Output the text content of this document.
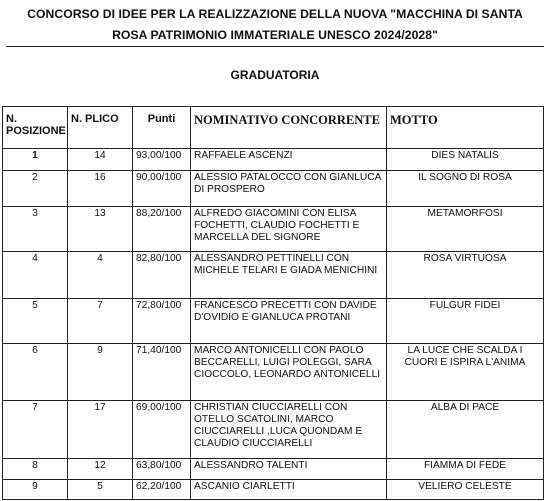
CONCORSO DI IDEE PER LA REALIZZAZIONE DELLA NUOVA "MACCHINA DI SANTA
ROSA PATRIMONIO IMMATERIALE UNESCO 2024/2028"
GRADUATORIA
N. POSIZIONE	N. PLICO	Punti	NOMINATIVO CONCORRENTE	MOTTO
1	14	93,00/100	RAFFAELE ASCENZI	DIES NATALIS
2	16	90,00/100	ALESSIO PATALOCCO CON GIANLUCA DI PROSPERO	IL SOGNO DI ROSA
3	13	88,20/100	ALFREDO GIACOMINI CON ELISA FOCHETTI, CLAUDIO FOCHETTI E MARCELLA DEL SIGNORE	METAMORFOSI
4	4	82,80/100	ALESSANDRO PETTINELLI CON MICHELE TELARI E GIADA MENICHINI	ROSA VIRTUOSA
5	7	72,80/100	FRANCESCO PRECETTI CON DAVIDE D'OVIDIO E GIANLUCA PROTANI	FULGUR FIDEI
6	9	71,40/100	MARCO ANTONICELLI CON PAOLO BECCARELLI, LUIGI POLEGGI, SARA CIOCCOLO, LEONARDO ANTONICELLI	LA LUCE CHE SCALDA I CUORI E ISPIRA L'ANIMA
7	17	69,00/100	CHRISTIAN CIUCCIARELLI CON OTELLO SCATOLINI, MARCO CIUCCIARELLI ,LUCA QUONDAM E CLAUDIO CIUCCIARELLI	ALBA DI PACE
8	12	63,80/100	ALESSANDRO TALENTI	FIAMMA DI FEDE
9	5	62,20/100	ASCANIO CIARLETTI	VELIERO CELESTE
